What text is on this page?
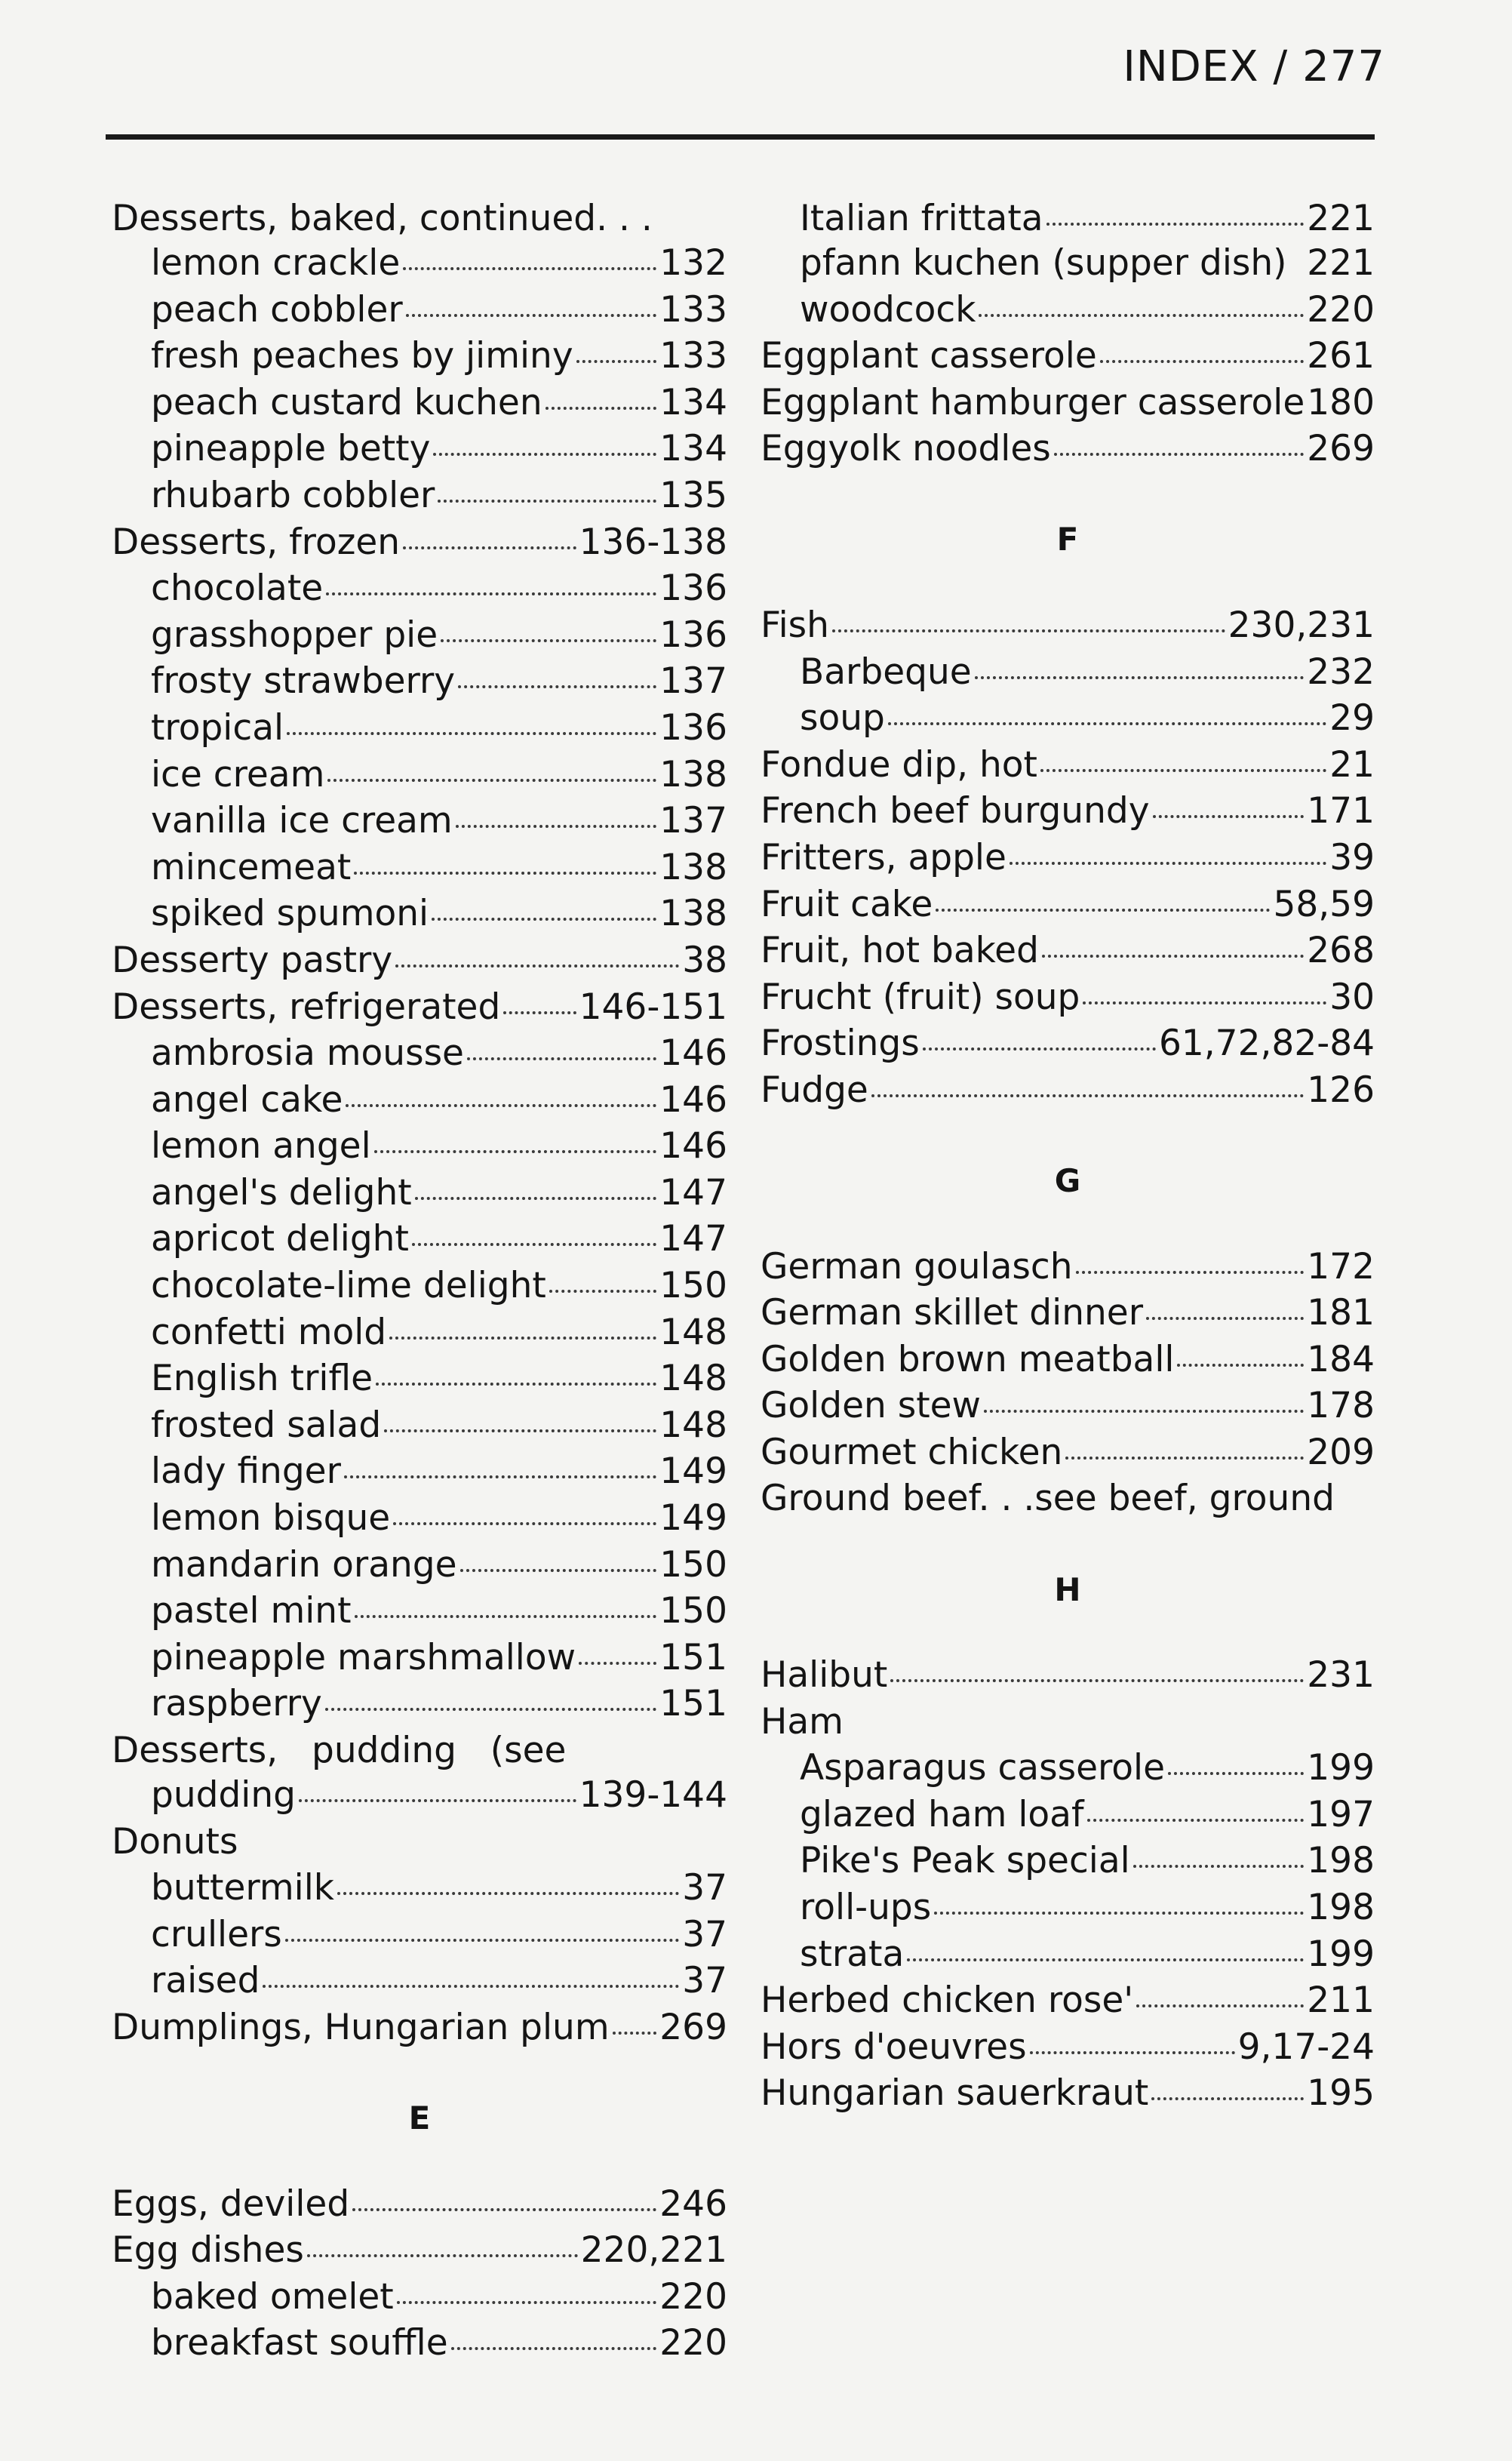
INDEX / 277
Desserts, baked, continued. . .
lemon crackle	132
peach cobbler	133
fresh peaches by jiminy 133
peach custard kuchen	134
pineapple betty	134
rhubarb cobbler	135
Desserts, frozen	136-138
chocolate	136
grasshopper pie	136
frosty strawberry	137
tropical	136
ice cream	138
vanilla ice cream	137
mincemeat	138
spiked spumoni	138
Desserty pastry	38
Desserts, refrigerated 146-151
ambrosia mousse	146
angel cake	146
lemon angel	146
angel's delight	147
apricot delight	147
chocolate-lime delight	150
confetti mold	148
English trifle	148
frosted salad	148
lady finger	149
lemon bisque	149
mandarin orange	150
pastel mint	150
pineapple marshmallow 151
raspberry	151
Desserts,   pudding   (see
pudding	139-144
Donuts
buttermilk	37
crullers	37
raised	37
Dumplings, Hungarian plum 269
E
Eggs, deviled	246
Egg dishes	220,221
baked omelet	220
breakfast souffle	220
Italian frittata	221
pfann kuchen (supper dish) 221
woodcock	220
Eggplant casserole	261
Eggplant hamburger casserole 180
Eggyolk noodles	269
F
Fish	230,231
Barbeque	232
soup	29
Fondue dip, hot	21
French beef burgundy	171
Fritters, apple	39
Fruit cake	58,59
Fruit, hot baked	268
Frucht (fruit) soup	30
Frostings	61,72,82-84
Fudge	126
G
German goulasch	172
German skillet dinner	181
Golden brown meatball	184
Golden stew	178
Gourmet chicken	209
Ground beef. . .see beef, ground
H
Halibut	231
Ham
Asparagus casserole	199
glazed ham loaf	197
Pike's Peak special	198
roll-ups	198
strata	199
Herbed chicken rose'	211
Hors d'oeuvres	9,17-24
Hungarian sauerkraut	195
